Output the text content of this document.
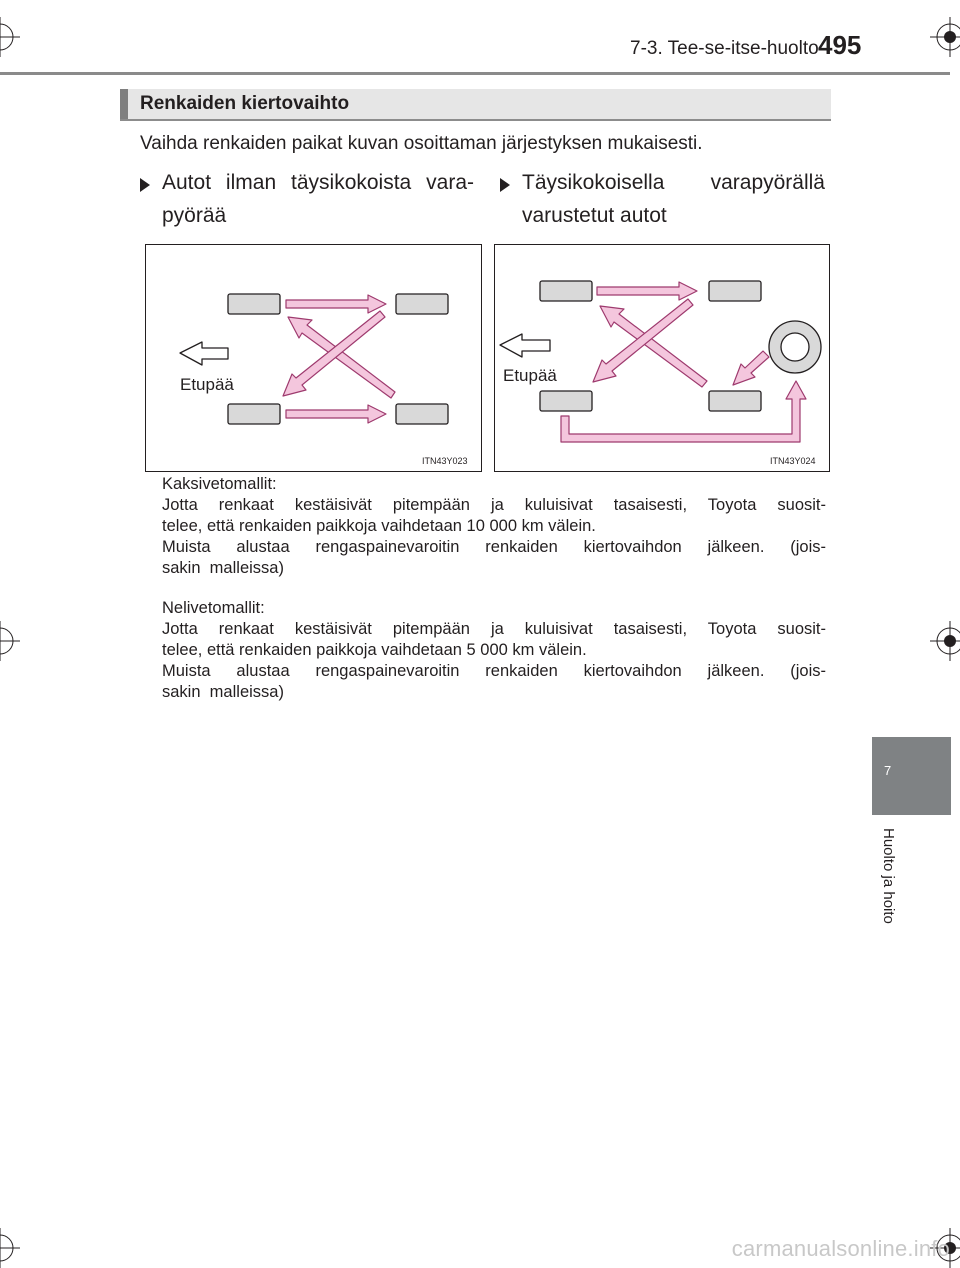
7-3. Tee-se-itse-huolto 495
Renkaiden kiertovaihto
Vaihda renkaiden paikat kuvan osoittaman järjestyksen mukaisesti.
Autot ilman täysikokoista vara-
pyörää
Täysikokoisella varapyörällä
varustetut autot
Etupää
ITN43Y023
Etupää
ITN43Y024
Kaksivetomallit:
Jotta renkaat kestäisivät pitempään ja kuluisivat tasaisesti, Toyota suosit-
telee, että renkaiden paikkoja vaihdetaan 10 000 km välein.
Muista alustaa rengaspainevaroitin renkaiden kiertovaihdon jälkeen. (jois-
sakin  malleissa)
Nelivetomallit:
Jotta renkaat kestäisivät pitempään ja kuluisivat tasaisesti, Toyota suosit-
telee, että renkaiden paikkoja vaihdetaan 5 000 km välein.
Muista alustaa rengaspainevaroitin renkaiden kiertovaihdon jälkeen. (jois-
sakin  malleissa)
7
Huolto ja hoito
carmanualsonline.info
